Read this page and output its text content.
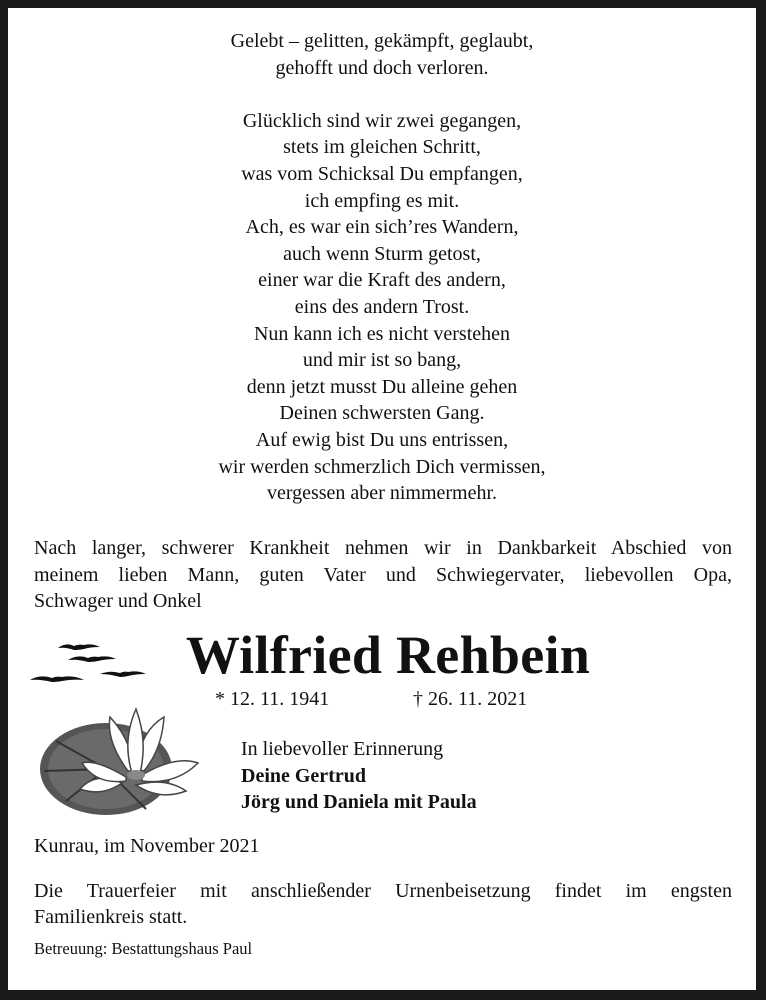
Gelebt – gelitten, gekämpft, geglaubt,
gehofft und doch verloren.
Glücklich sind wir zwei gegangen,
stets im gleichen Schritt,
was vom Schicksal Du empfangen,
ich empfing es mit.
Ach, es war ein sich’res Wandern,
auch wenn Sturm getost,
einer war die Kraft des andern,
eins des andern Trost.
Nun kann ich es nicht verstehen
und mir ist so bang,
denn jetzt musst Du alleine gehen
Deinen schwersten Gang.
Auf ewig bist Du uns entrissen,
wir werden schmerzlich Dich vermissen,
vergessen aber nimmermehr.
Nach langer, schwerer Krankheit nehmen wir in Dankbarkeit Abschied von
meinem lieben Mann, guten Vater und Schwiegervater, liebevollen Opa,
Schwager und Onkel
Wilfried Rehbein
* 12. 11. 1941	† 26. 11. 2021
In liebevoller Erinnerung
Deine Gertrud
Jörg und Daniela mit Paula
Kunrau, im November 2021
Die Trauerfeier mit anschließender Urnenbeisetzung findet im engsten
Familienkreis statt.
Betreuung: Bestattungshaus Paul
